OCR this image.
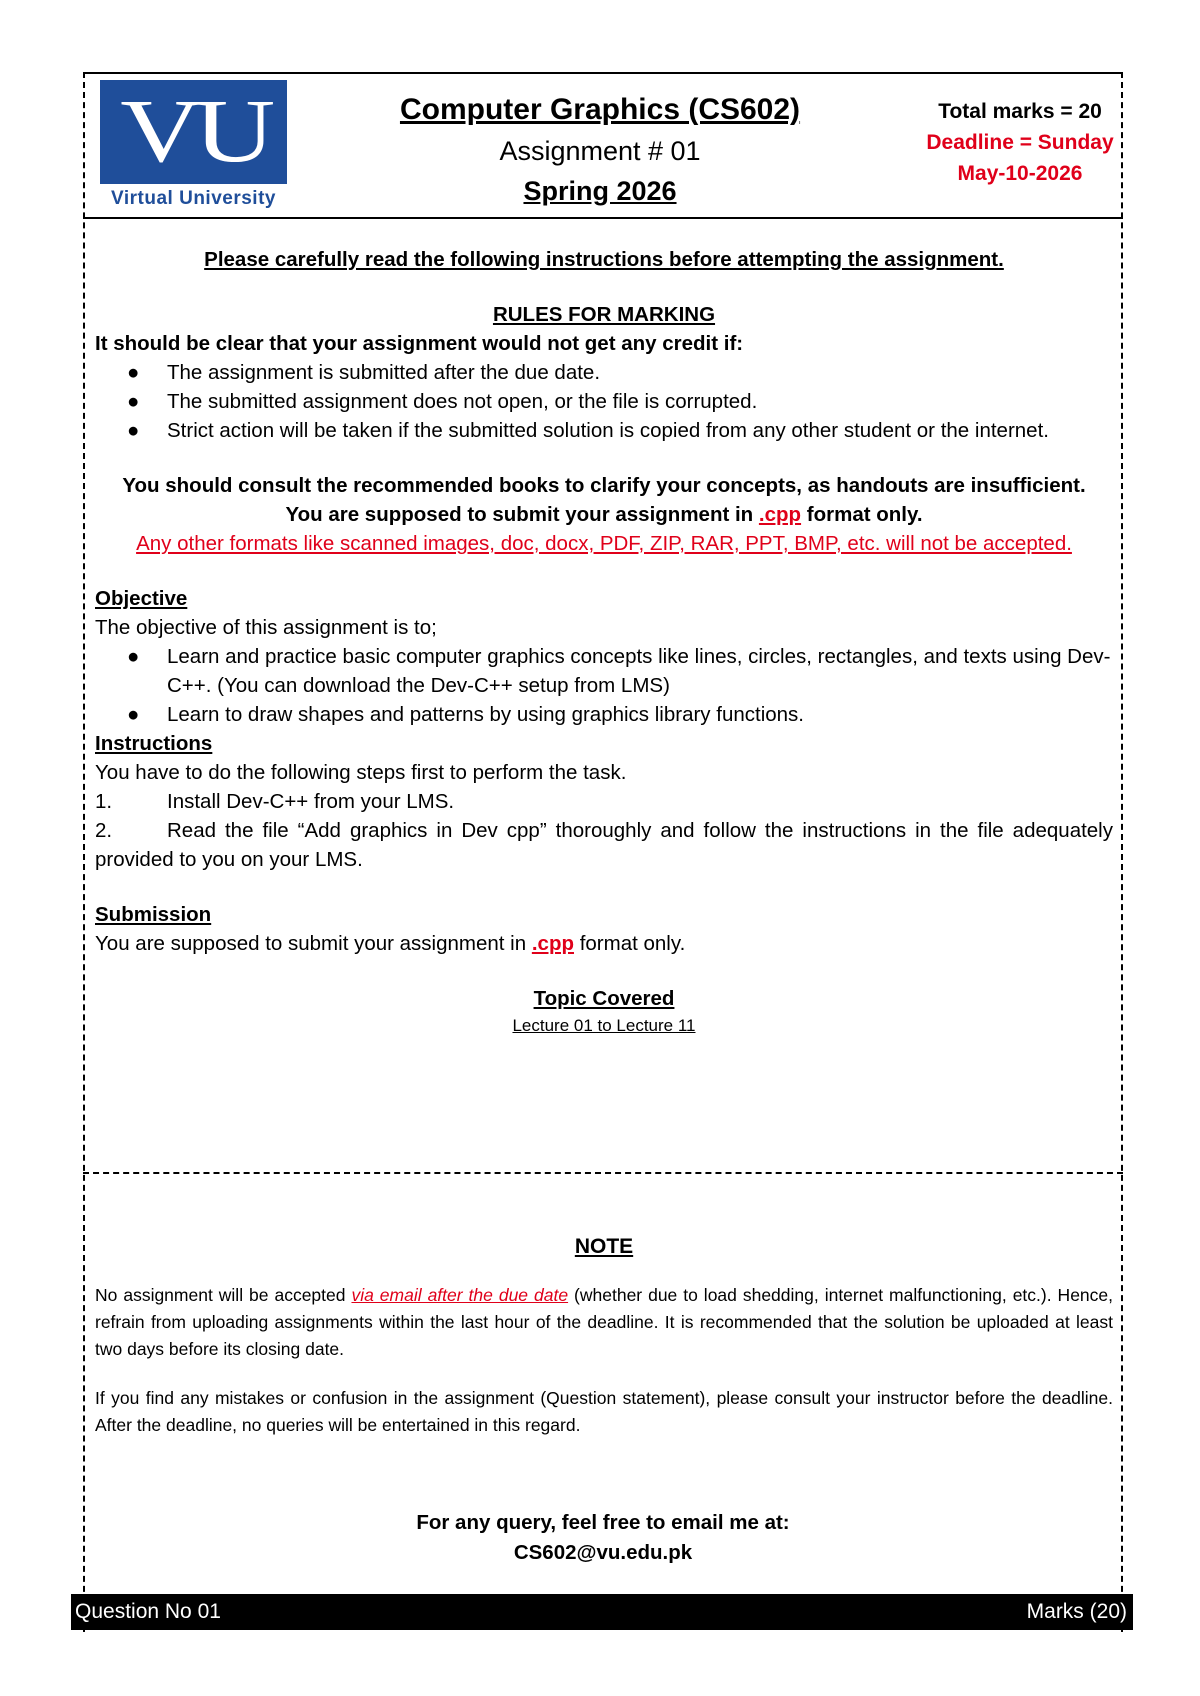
VU
Virtual University
Computer Graphics (CS602)
Assignment # 01
Spring 2026
Total marks = 20
Deadline = Sunday
May-10-2026
Please carefully read the following instructions before attempting the assignment.
RULES FOR MARKING
It should be clear that your assignment would not get any credit if:
● The assignment is submitted after the due date.
● The submitted assignment does not open, or the file is corrupted.
● Strict action will be taken if the submitted solution is copied from any other student or the internet.
You should consult the recommended books to clarify your concepts, as handouts are insufficient.
You are supposed to submit your assignment in .cpp format only.
Any other formats like scanned images, doc, docx, PDF, ZIP, RAR, PPT, BMP, etc. will not be accepted.
Objective
The objective of this assignment is to;
● Learn and practice basic computer graphics concepts like lines, circles, rectangles, and texts using Dev-C++. (You can download the Dev-C++ setup from LMS)
● Learn to draw shapes and patterns by using graphics library functions.
Instructions
You have to do the following steps first to perform the task.
1.	Install Dev-C++ from your LMS.
2.	Read the file “Add graphics in Dev cpp” thoroughly and follow the instructions in the file adequately provided to you on your LMS.
Submission
You are supposed to submit your assignment in .cpp format only.
Topic Covered
Lecture 01 to Lecture 11
NOTE
No assignment will be accepted via email after the due date (whether due to load shedding, internet malfunctioning, etc.). Hence, refrain from uploading assignments within the last hour of the deadline. It is recommended that the solution be uploaded at least two days before its closing date.
If you find any mistakes or confusion in the assignment (Question statement), please consult your instructor before the deadline. After the deadline, no queries will be entertained in this regard.
For any query, feel free to email me at:
CS602@vu.edu.pk
Question No 01	Marks (20)
